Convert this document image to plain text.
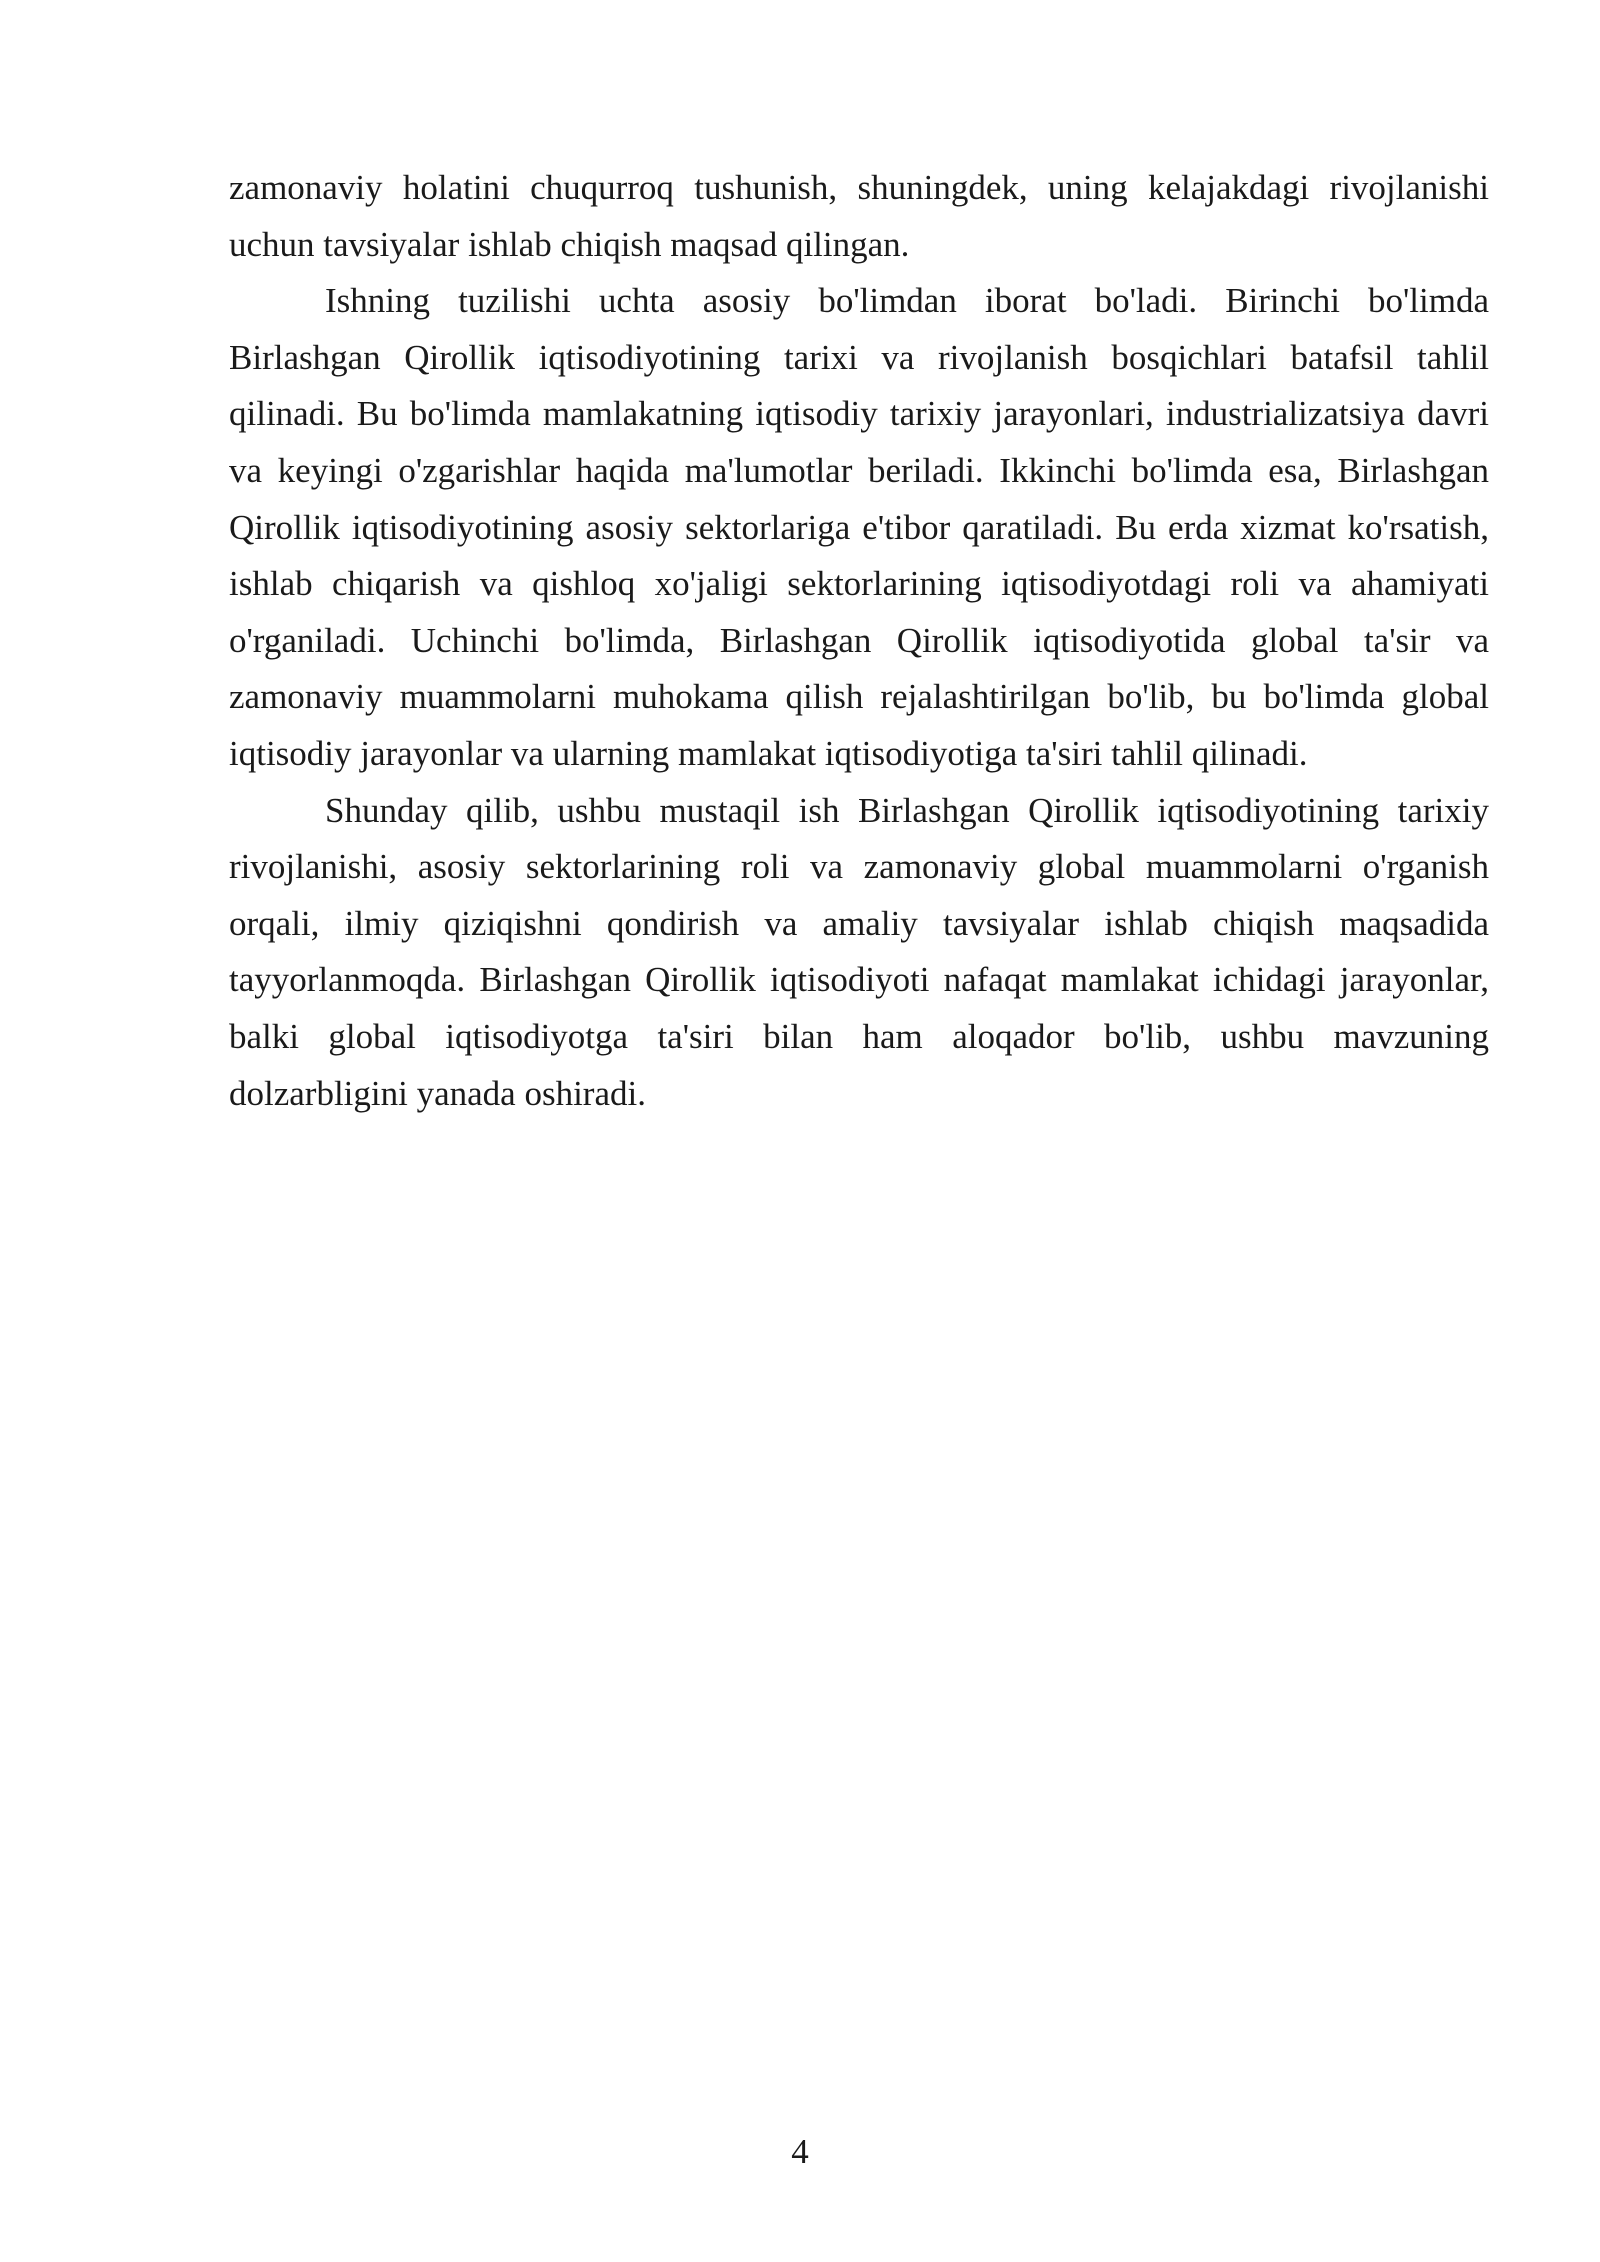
zamonaviy holatini chuqurroq tushunish, shuningdek, uning kelajakdagi rivojlanishi uchun tavsiyalar ishlab chiqish maqsad qilingan.

Ishning tuzilishi uchta asosiy bo'limdan iborat bo'ladi. Birinchi bo'limda Birlashgan Qirollik iqtisodiyotining tarixi va rivojlanish bosqichlari batafsil tahlil qilinadi. Bu bo'limda mamlakatning iqtisodiy tarixiy jarayonlari, industrializatsiya davri va keyingi o'zgarishlar haqida ma'lumotlar beriladi. Ikkinchi bo'limda esa, Birlashgan Qirollik iqtisodiyotining asosiy sektorlariga e'tibor qaratiladi. Bu erda xizmat ko'rsatish, ishlab chiqarish va qishloq xo'jaligi sektorlarining iqtisodiyotdagi roli va ahamiyati o'rganiladi. Uchinchi bo'limda, Birlashgan Qirollik iqtisodiyotida global ta'sir va zamonaviy muammolarni muhokama qilish rejalashtirilgan bo'lib, bu bo'limda global iqtisodiy jarayonlar va ularning mamlakat iqtisodiyotiga ta'siri tahlil qilinadi.

Shunday qilib, ushbu mustaqil ish Birlashgan Qirollik iqtisodiyotining tarixiy rivojlanishi, asosiy sektorlarining roli va zamonaviy global muammolarni o'rganish orqali, ilmiy qiziqishni qondirish va amaliy tavsiyalar ishlab chiqish maqsadida tayyorlanmoqda. Birlashgan Qirollik iqtisodiyoti nafaqat mamlakat ichidagi jarayonlar, balki global iqtisodiyotga ta'siri bilan ham aloqador bo'lib, ushbu mavzuning dolzarbligini yanada oshiradi.

4
